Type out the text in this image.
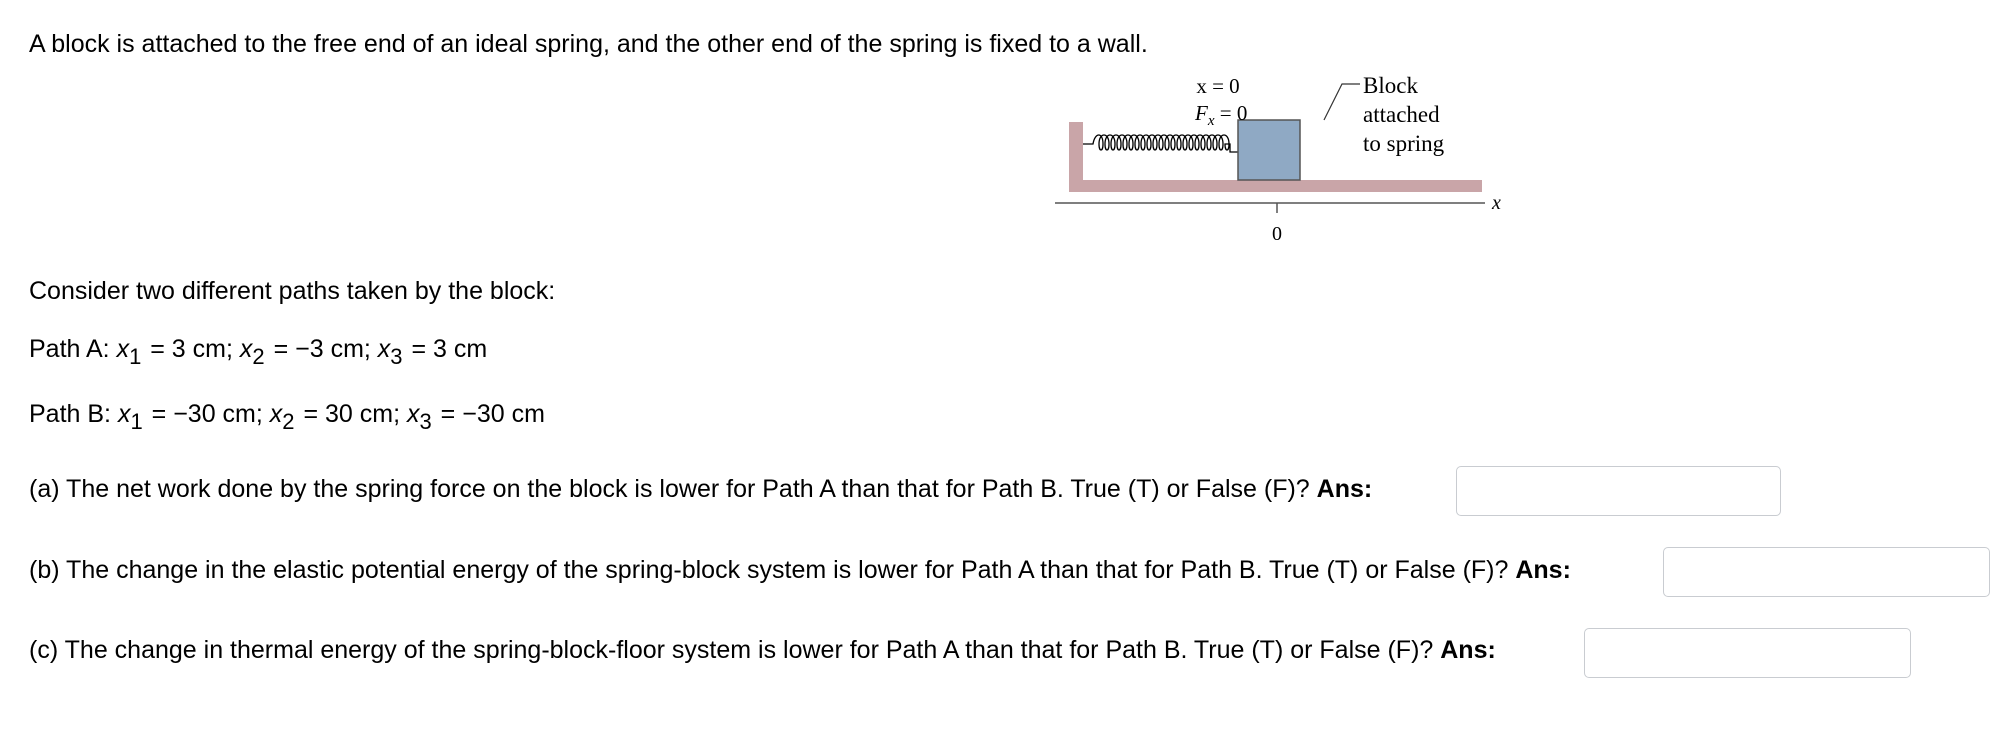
A block is attached to the free end of an ideal spring, and the other end of the spring is fixed to a wall.
x = 0
$F_x = 0$
Block
attached
to spring
x
0
Consider two different paths taken by the block:
Path A: x1 = 3 cm; x2 = −3 cm; x3 = 3 cm
Path B: x1 = −30 cm; x2 = 30 cm; x3 = −30 cm
(a) The net work done by the spring force on the block is lower for Path A than that for Path B. True (T) or False (F)? Ans:
(b) The change in the elastic potential energy of the spring-block system is lower for Path A than that for Path B. True (T) or False (F)? Ans:
(c) The change in thermal energy of the spring-block-floor system is lower for Path A than that for Path B. True (T) or False (F)? Ans:
